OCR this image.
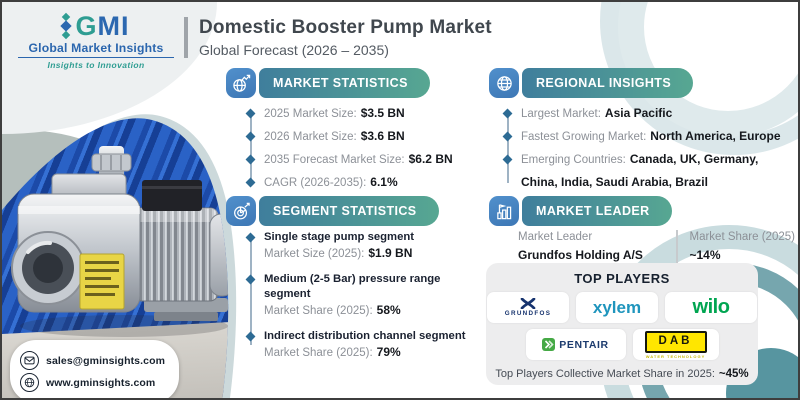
GMI
Global Market Insights
Insights to Innovation
sales@gminsights.com
www.gminsights.com
Domestic Booster Pump Market
Global Forecast (2026 – 2035)
MARKET STATISTICS
2025 Market Size: $3.5 BN
2026 Market Size: $3.6 BN
2035 Forecast Market Size: $6.2 BN
CAGR (2026-2035): 6.1%
SEGMENT STATISTICS
Single stage pump segment
Market Size (2025): $1.9 BN
Medium (2-5 Bar) pressure range segment
Market Share (2025): 58%
Indirect distribution channel segment
Market Share (2025): 79%
REGIONAL INSIGHTS
Largest Market: Asia Pacific
Fastest Growing Market: North America, Europe
Emerging Countries: Canada, UK, Germany, China, India, Saudi Arabia, Brazil
MARKET LEADER
Market Leader
Grundfos Holding A/S
Market Share (2025)
~14%
TOP PLAYERS
GRUNDFOS xylem	wilo
PENTAIR	DAB
WATER TECHNOLOGY
Top Players Collective Market Share in 2025: ~45%
